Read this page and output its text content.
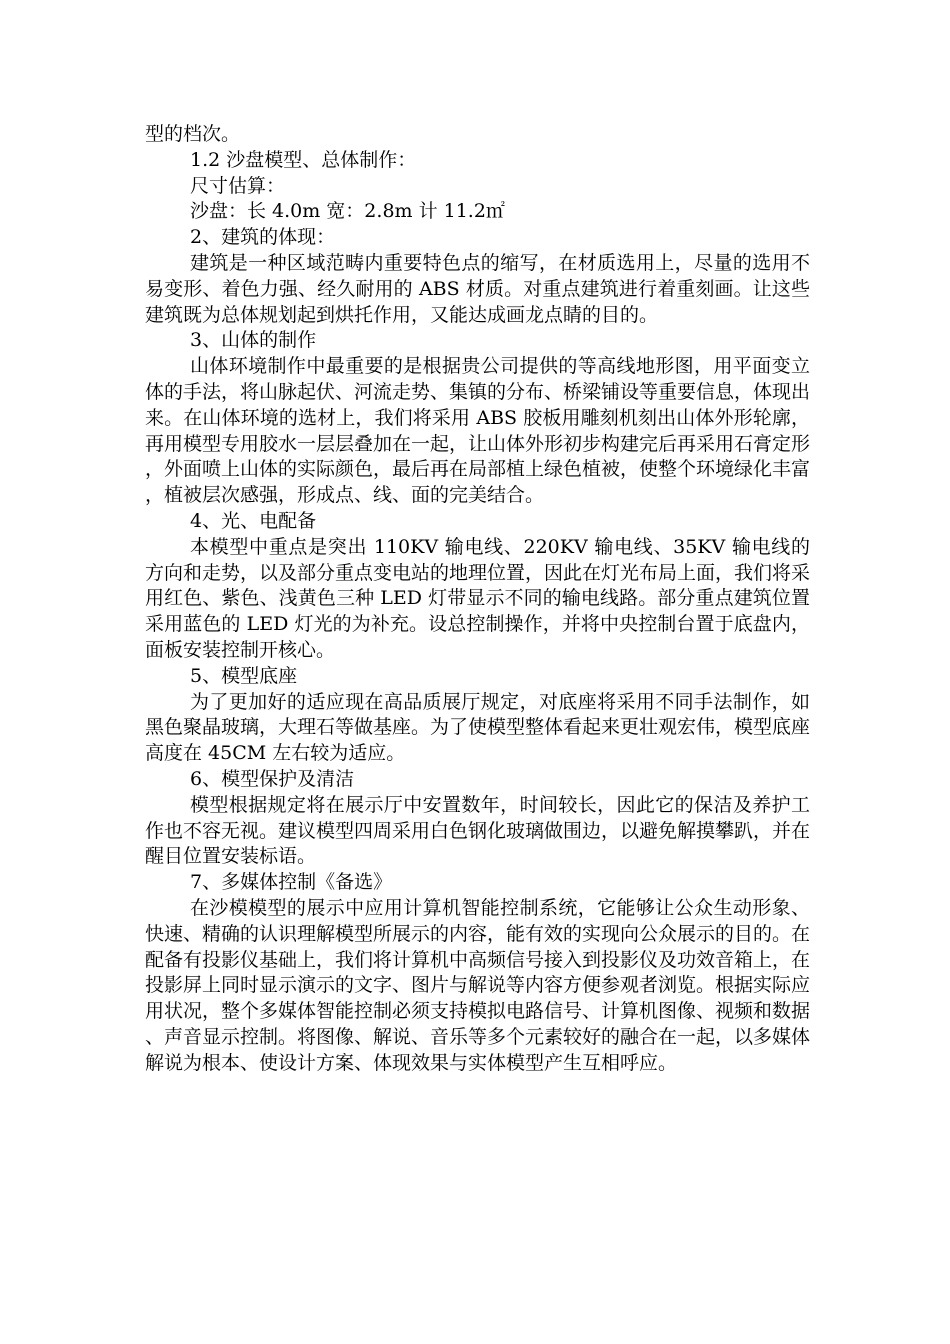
型的档次。

1.2 沙盘模型、总体制作：

尺寸估算：

沙盘：长 4.0m 宽：2.8m 计 11.2㎡

2、建筑的体现：

建筑是一种区域范畴内重要特色点的缩写，在材质选用上，尽量的选用不易变形、着色力强、经久耐用的 ABS 材质。对重点建筑进行着重刻画。让这些建筑既为总体规划起到烘托作用，又能达成画龙点睛的目的。

3、山体的制作

山体环境制作中最重要的是根据贵公司提供的等高线地形图，用平面变立体的手法，将山脉起伏、河流走势、集镇的分布、桥梁铺设等重要信息，体现出来。在山体环境的选材上，我们将采用 ABS 胶板用雕刻机刻出山体外形轮廓，再用模型专用胶水一层层叠加在一起，让山体外形初步构建完后再采用石膏定形，外面喷上山体的实际颜色，最后再在局部植上绿色植被，使整个环境绿化丰富，植被层次感强，形成点、线、面的完美结合。

4、光、电配备

本模型中重点是突出 110KV 输电线、220KV 输电线、35KV 输电线的方向和走势，以及部分重点变电站的地理位置，因此在灯光布局上面，我们将采用红色、紫色、浅黄色三种 LED 灯带显示不同的输电线路。部分重点建筑位置采用蓝色的 LED 灯光的为补充。设总控制操作，并将中央控制台置于底盘内，面板安装控制开核心。

5、模型底座

为了更加好的适应现在高品质展厅规定，对底座将采用不同手法制作，如黑色聚晶玻璃，大理石等做基座。为了使模型整体看起来更壮观宏伟，模型底座高度在 45CM 左右较为适应。

6、模型保护及清洁

模型根据规定将在展示厅中安置数年，时间较长，因此它的保洁及养护工作也不容无视。建议模型四周采用白色钢化玻璃做围边，以避免解摸攀趴，并在醒目位置安装标语。

7、多媒体控制《备选》

在沙模模型的展示中应用计算机智能控制系统，它能够让公众生动形象、快速、精确的认识理解模型所展示的内容，能有效的实现向公众展示的目的。在配备有投影仪基础上，我们将计算机中高频信号接入到投影仪及功效音箱上，在投影屏上同时显示演示的文字、图片与解说等内容方便参观者浏览。根据实际应用状况，整个多媒体智能控制必须支持模拟电路信号、计算机图像、视频和数据、声音显示控制。将图像、解说、音乐等多个元素较好的融合在一起，以多媒体解说为根本、使设计方案、体现效果与实体模型产生互相呼应。
